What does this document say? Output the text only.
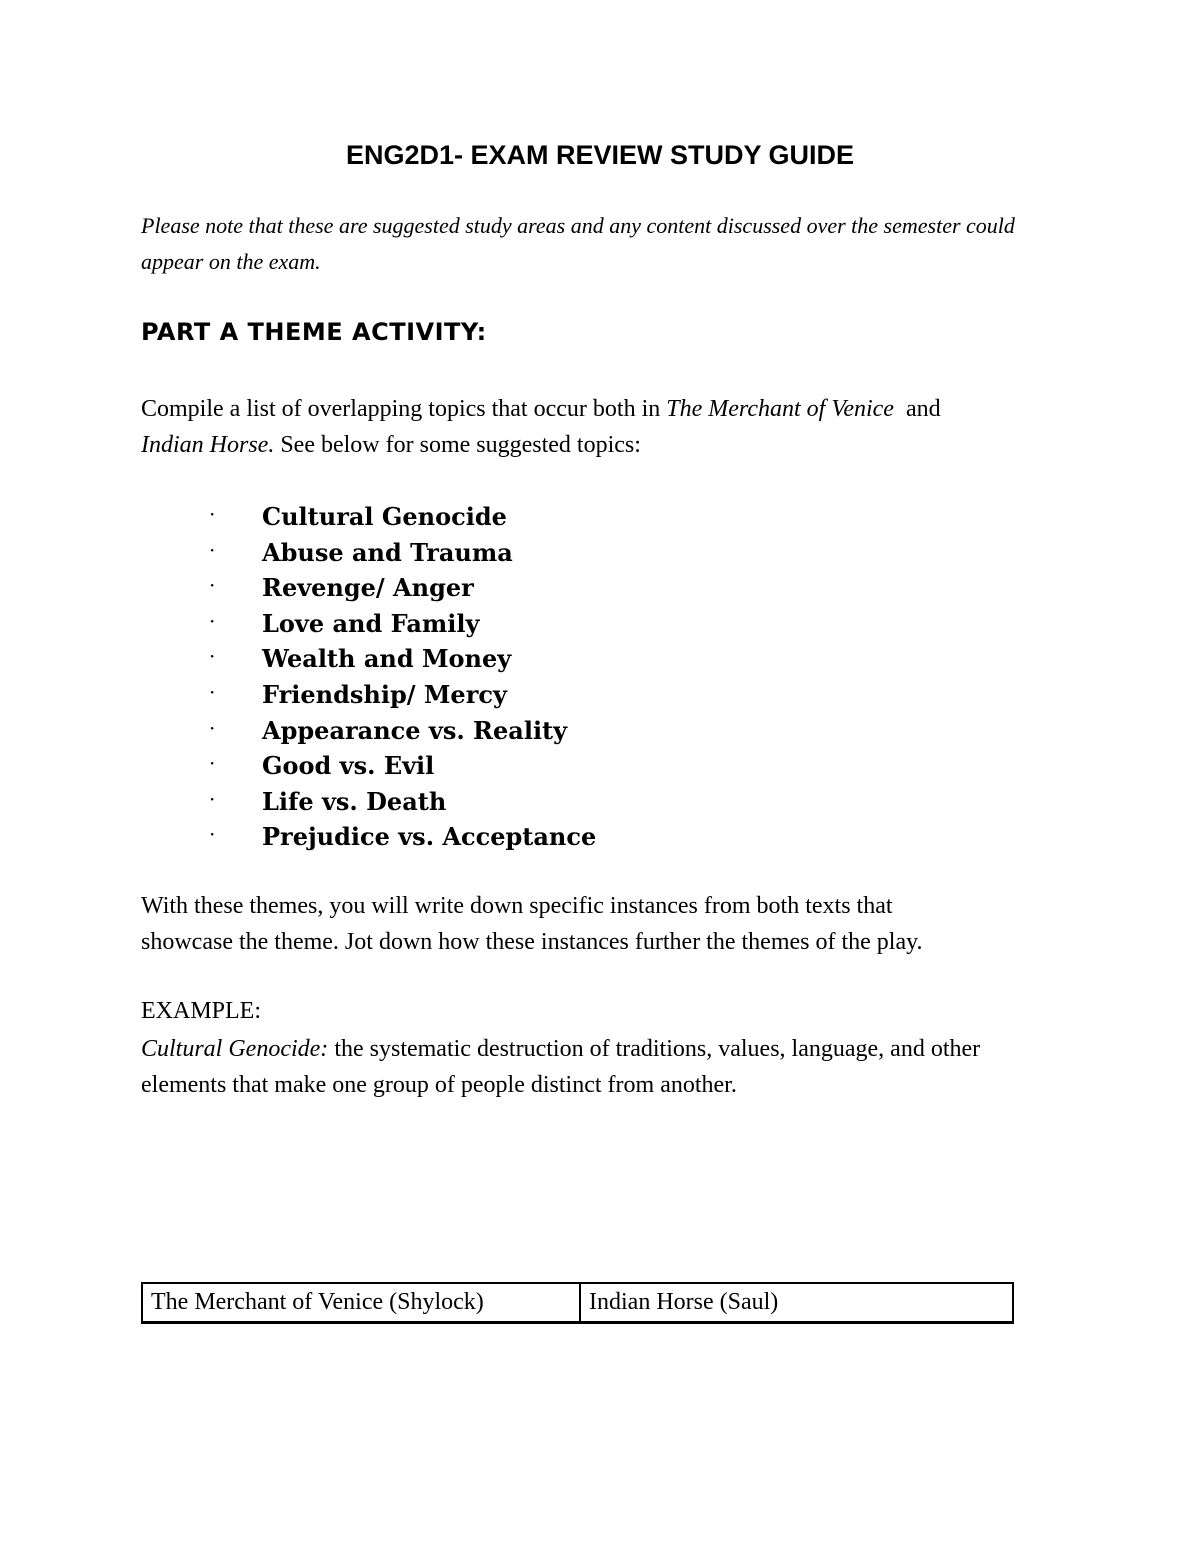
ENG2D1- EXAM REVIEW STUDY GUIDE
Please note that these are suggested study areas and any content discussed over the semester could
appear on the exam.
PART A THEME ACTIVITY:
Compile a list of overlapping topics that occur both in The Merchant of Venice  and
Indian Horse. See below for some suggested topics:
· Cultural Genocide
· Abuse and Trauma
· Revenge/ Anger
· Love and Family
· Wealth and Money
· Friendship/ Mercy
· Appearance vs. Reality
· Good vs. Evil
· Life vs. Death
· Prejudice vs. Acceptance
With these themes, you will write down specific instances from both texts that
showcase the theme. Jot down how these instances further the themes of the play.
EXAMPLE:
Cultural Genocide: the systematic destruction of traditions, values, language, and other
elements that make one group of people distinct from another.
The Merchant of Venice (Shylock)	Indian Horse (Saul)
